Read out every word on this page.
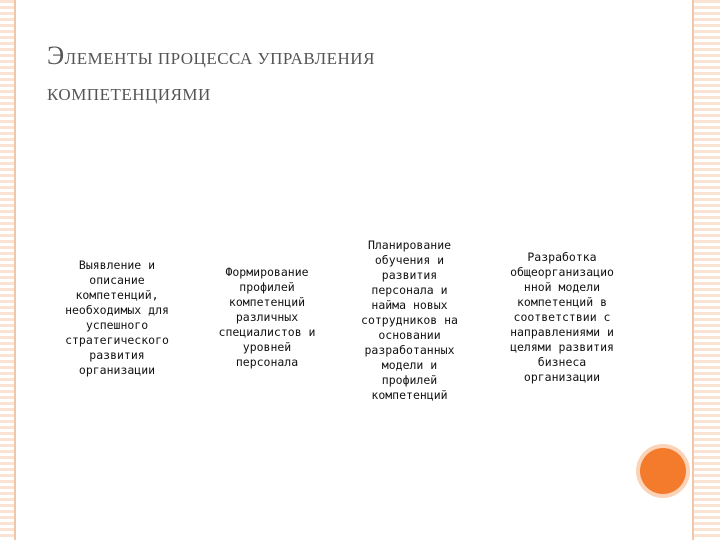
ЭЛЕМЕНТЫ ПРОЦЕССА УПРАВЛЕНИЯ
КОМПЕТЕНЦИЯМИ
Выявление и
описание
компетенций,
необходимых для
успешного
стратегического
развития
организации
Формирование
профилей
компетенций
различных
специалистов и
уровней
персонала
Планирование
обучения и
развития
персонала и
найма новых
сотрудников на
основании
разработанных
модели и
профилей
компетенций
Разработка
общеорганизацио
нной модели
компетенций в
соответствии с
направлениями и
целями развития
бизнеса
организации
